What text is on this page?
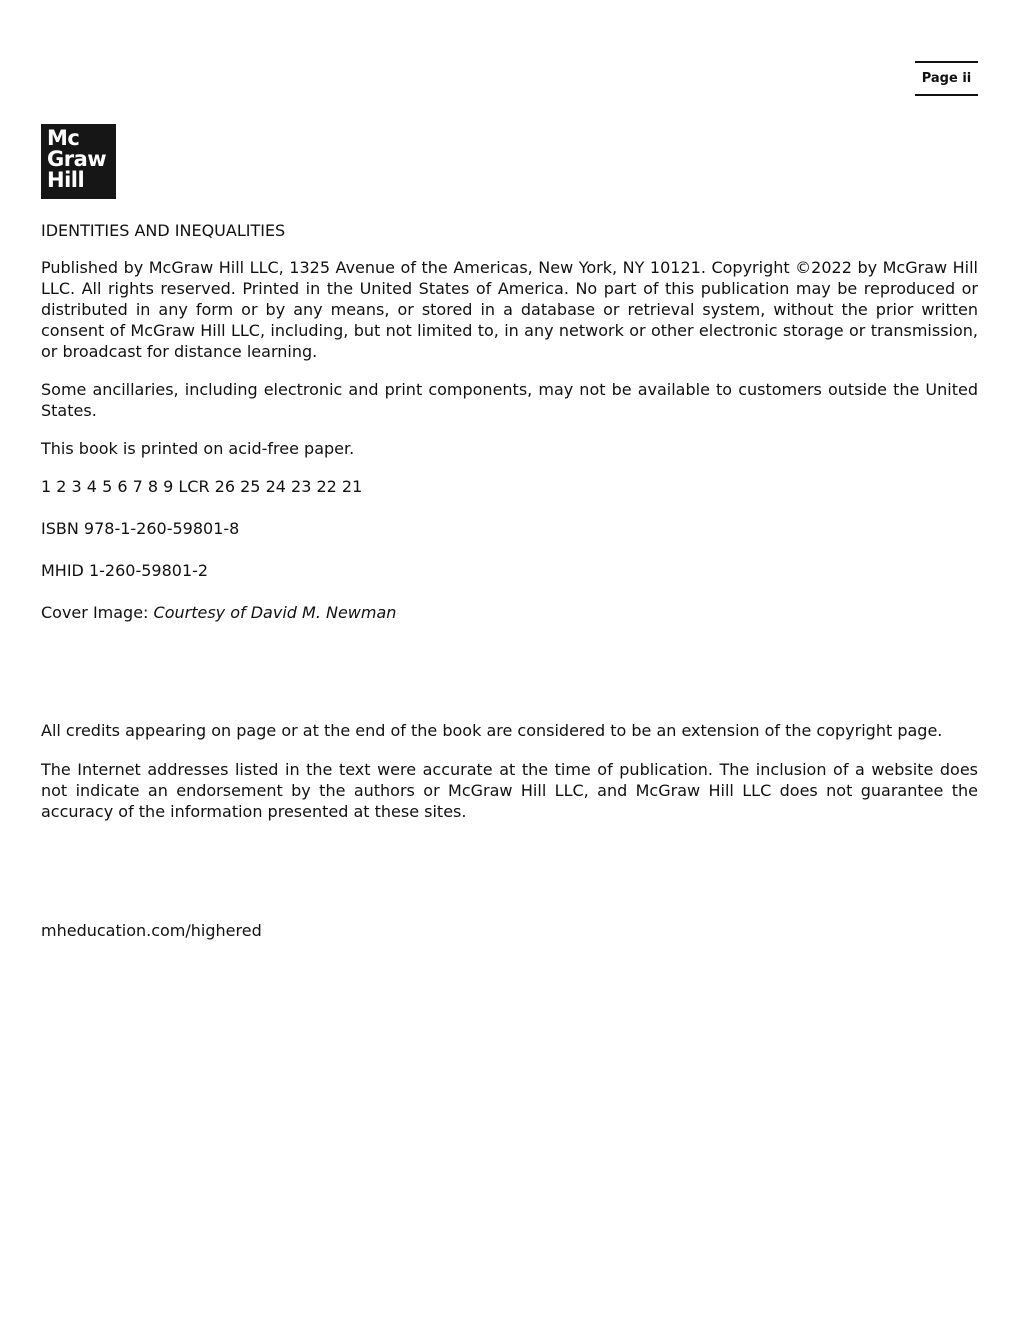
Page ii
Mc
Graw
Hill

IDENTITIES AND INEQUALITIES

Published by McGraw Hill LLC, 1325 Avenue of the Americas, New York, NY 10121. Copyright ©2022 by McGraw Hill LLC. All rights reserved. Printed in the United States of America. No part of this publication may be reproduced or distributed in any form or by any means, or stored in a database or retrieval system, without the prior written consent of McGraw Hill LLC, including, but not limited to, in any network or other electronic storage or transmission, or broadcast for distance learning.

Some ancillaries, including electronic and print components, may not be available to customers outside the United States.

This book is printed on acid-free paper.

1 2 3 4 5 6 7 8 9 LCR 26 25 24 23 22 21

ISBN 978-1-260-59801-8

MHID 1-260-59801-2

Cover Image: Courtesy of David M. Newman

All credits appearing on page or at the end of the book are considered to be an extension of the copyright page.

The Internet addresses listed in the text were accurate at the time of publication. The inclusion of a website does not indicate an endorsement by the authors or McGraw Hill LLC, and McGraw Hill LLC does not guarantee the accuracy of the information presented at these sites.

mheducation.com/highered
